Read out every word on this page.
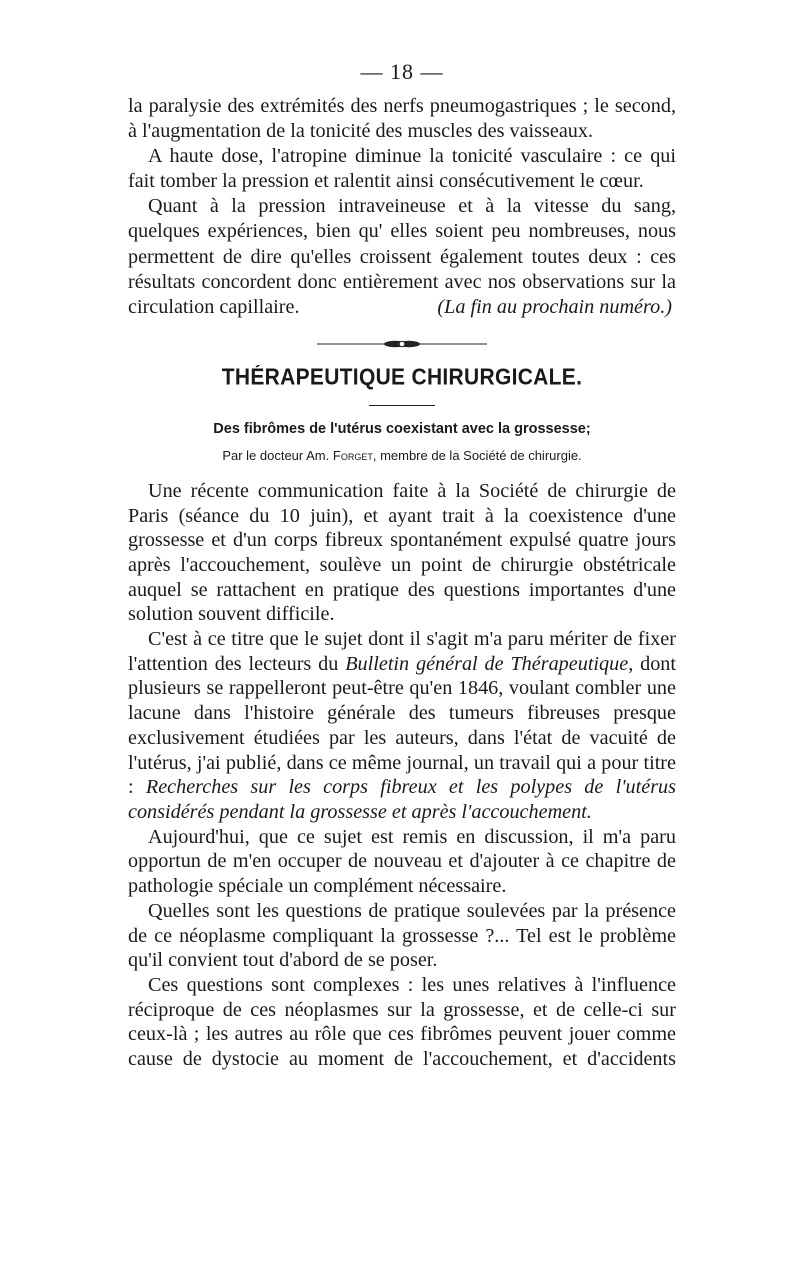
— 18 —

la paralysie des extrémités des nerfs pneumogastriques ; le second, à l'augmentation de la tonicité des muscles des vaisseaux.

A haute dose, l'atropine diminue la tonicité vasculaire : ce qui fait tomber la pression et ralentit ainsi consécutivement le cœur.

Quant à la pression intraveineuse et à la vitesse du sang, quelques expériences, bien qu' elles soient peu nombreuses, nous permettent de dire qu'elles croissent également toutes deux : ces résultats concordent donc entièrement avec nos observations sur la

circulation capillaire.	(La fin au prochain numéro.)
THÉRAPEUTIQUE CHIRURGICALE.
Des fibrômes de l'utérus coexistant avec la grossesse;
Par le docteur Am. Forget, membre de la Société de chirurgie.

Une récente communication faite à la Société de chirurgie de Paris (séance du 10 juin), et ayant trait à la coexistence d'une grossesse et d'un corps fibreux spontanément expulsé quatre jours après l'accouchement, soulève un point de chirurgie obstétricale auquel se rattachent en pratique des questions importantes d'une solution souvent difficile.

C'est à ce titre que le sujet dont il s'agit m'a paru mériter de fixer l'attention des lecteurs du Bulletin général de Thérapeutique, dont plusieurs se rappelleront peut-être qu'en 1846, voulant combler une lacune dans l'histoire générale des tumeurs fibreuses presque exclusivement étudiées par les auteurs, dans l'état de vacuité de l'utérus, j'ai publié, dans ce même journal, un travail qui a pour titre : Recherches sur les corps fibreux et les polypes de l'utérus considérés pendant la grossesse et après l'accouchement.

Aujourd'hui, que ce sujet est remis en discussion, il m'a paru opportun de m'en occuper de nouveau et d'ajouter à ce chapitre de pathologie spéciale un complément nécessaire.

Quelles sont les questions de pratique soulevées par la présence de ce néoplasme compliquant la grossesse ?... Tel est le problème qu'il convient tout d'abord de se poser.

Ces questions sont complexes : les unes relatives à l'influence réciproque de ces néoplasmes sur la grossesse, et de celle-ci sur ceux-là ; les autres au rôle que ces fibrômes peuvent jouer comme cause de dystocie au moment de l'accouchement, et d'accidents
